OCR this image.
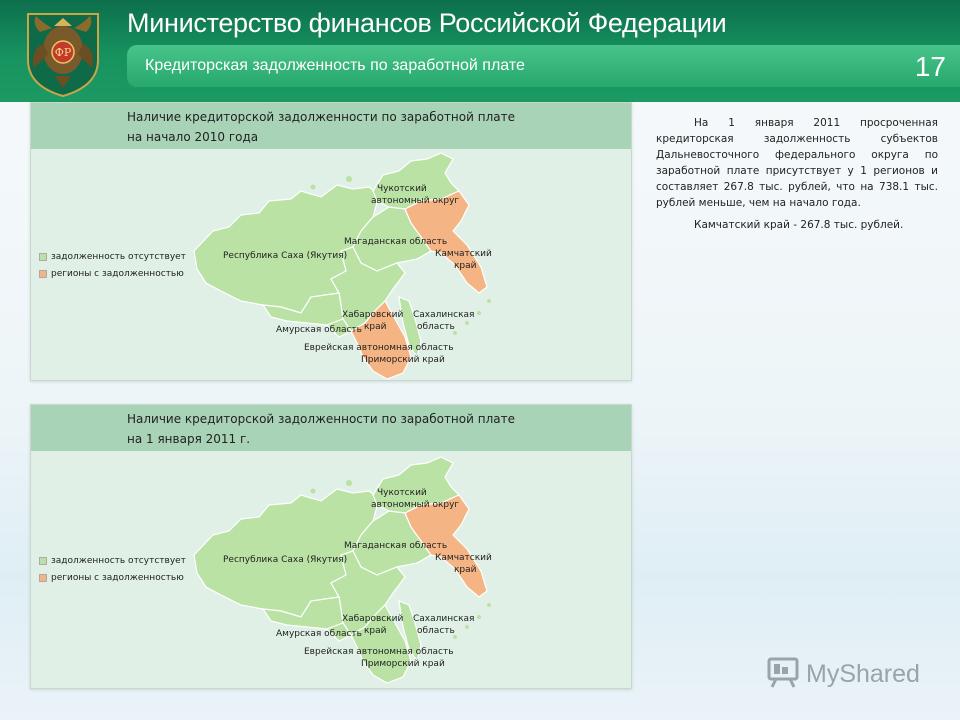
ФР
Министерство финансов Российской Федерации
Кредиторская задолженность по заработной плате	17
Наличие кредиторской задолженности по заработной плате
на начало 2010 года
Чукотский
автономный округ
Магаданская область
Камчатский
край
Республика Саха (Якутия)
Хабаровский
край
Сахалинская
область
Амурская область
Еврейская автономная область
Приморский край
задолженность отсутствует
регионы с задолженностью
Наличие кредиторской задолженности по заработной плате
на 1 января 2011 г.
Чукотский
автономный округ
Магаданская область
Камчатский
край
Республика Саха (Якутия)
Хабаровский
край
Сахалинская
область
Амурская область
Еврейская автономная область
Приморский край
задолженность отсутствует
регионы с задолженностью

На 1 января 2011 просроченная кредиторская задолженность субъектов Дальневосточного федерального округа по заработной плате присутствует у 1 регионов и составляет 267.8 тыс. рублей, что на 738.1 тыс. рублей меньше, чем на начало года.

Камчатский край - 267.8 тыс. рублей.

MyShared
